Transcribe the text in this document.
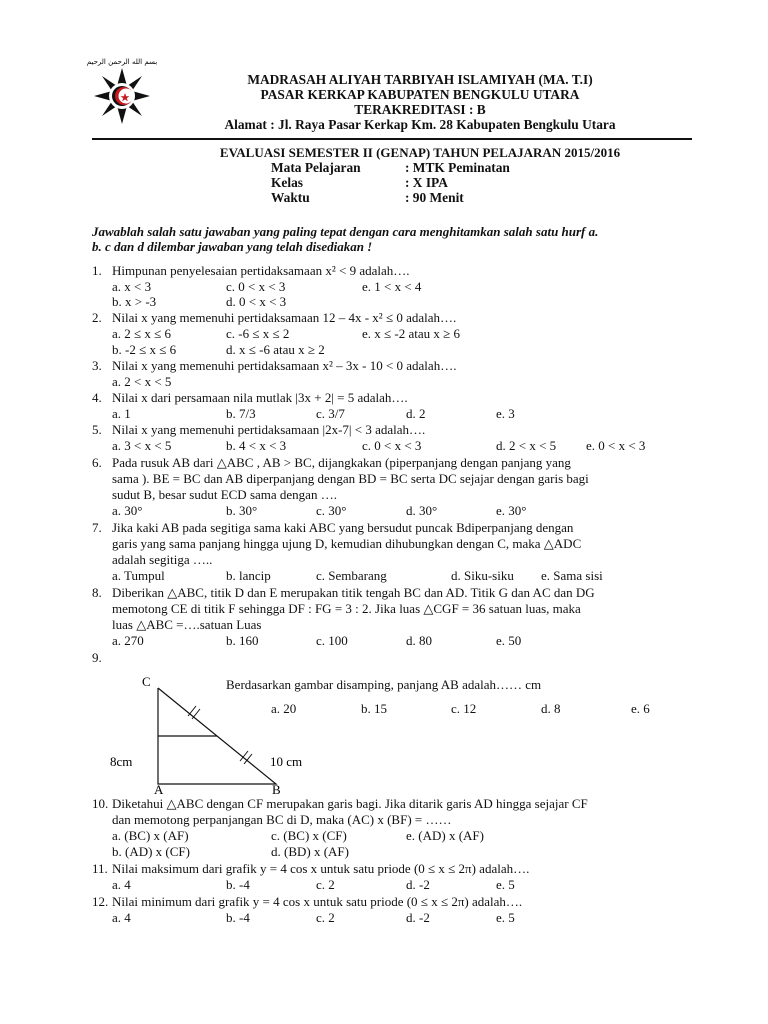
بسم الله الرحمن الرحيم
MADRASAH ALIYAH TARBIYAH ISLAMIYAH (MA. T.I)
PASAR KERKAP KABUPATEN BENGKULU UTARA
TERAKREDITASI : B
Alamat : Jl. Raya Pasar Kerkap Km. 28 Kabupaten Bengkulu Utara
EVALUASI SEMESTER II (GENAP) TAHUN PELAJARAN 2015/2016
Mata Pelajaran	: MTK Peminatan
Kelas	: X IPA
Waktu	: 90 Menit
Jawablah salah satu jawaban yang paling tepat dengan cara menghitamkan salah satu hurf a.
b. c dan d dilembar jawaban yang telah disediakan !
1. Himpunan penyelesaian pertidaksamaan x² < 9 adalah….
a. x < 3	c. 0 < x < 3	e. 1 < x < 4
b. x > -3	d. 0 < x < 3
2. Nilai x yang memenuhi pertidaksamaan 12 – 4x - x² ≤ 0 adalah….
a. 2 ≤ x ≤ 6	c. -6 ≤ x ≤ 2	e. x ≤ -2 atau x ≥ 6
b. -2 ≤ x ≤ 6	d. x ≤ -6 atau x ≥ 2
3. Nilai x yang memenuhi pertidaksamaan x² – 3x - 10 < 0 adalah….
a. 2 < x < 5
4. Nilai x dari persamaan nila mutlak |3x + 2| = 5 adalah….
a. 1	b. 7/3	c. 3/7	d. 2	e. 3
5. Nilai x yang memenuhi pertidaksamaan |2x-7| < 3 adalah….
a. 3 < x < 5	b. 4 < x < 3	c. 0 < x < 3	d. 2 < x < 5 e. 0 < x < 3
6. Pada rusuk AB dari △ABC , AB > BC, dijangkakan (piperpanjang dengan panjang yang
sama ). BE = BC dan AB diperpanjang dengan BD = BC serta DC sejajar dengan garis bagi
sudut B, besar sudut ECD sama dengan ….
a. 30°	b. 30°	c. 30°	d. 30°	e. 30°
7. Jika kaki AB pada segitiga sama kaki ABC yang bersudut puncak Bdiperpanjang dengan
garis yang sama panjang hingga ujung D, kemudian dihubungkan dengan C, maka △ADC
adalah segitiga …..
a. Tumpul	b. lancip	c. Sembarang	d. Siku-siku e. Sama sisi
8. Diberikan △ABC, titik D dan E merupakan titik tengah BC dan AD. Titik G dan AC dan DG
memotong CE di titik F sehingga DF : FG = 3 : 2. Jika luas △CGF = 36 satuan luas, maka
luas △ABC =….satuan Luas
a. 270	b. 160	c. 100	d. 80	e. 50
9.
Berdasarkan gambar disamping, panjang AB adalah…… cm
a. 20	b. 15	c. 12	d. 8	e. 6
C
A	B
8cm	10 cm
10. Diketahui △ABC dengan CF merupakan garis bagi. Jika ditarik garis AD hingga sejajar CF
dan memotong perpanjangan BC di D, maka (AC) x (BF) = ……
a. (BC) x (AF)	c. (BC) x (CF)	e. (AD) x (AF)
b. (AD) x (CF)	d. (BD) x (AF)
11. Nilai maksimum dari grafik y = 4 cos x untuk satu priode (0 ≤ x ≤ 2π) adalah….
a. 4	b. -4	c. 2	d. -2	e. 5
12. Nilai minimum dari grafik y = 4 cos x untuk satu priode (0 ≤ x ≤ 2π) adalah….
a. 4	b. -4	c. 2	d. -2	e. 5
